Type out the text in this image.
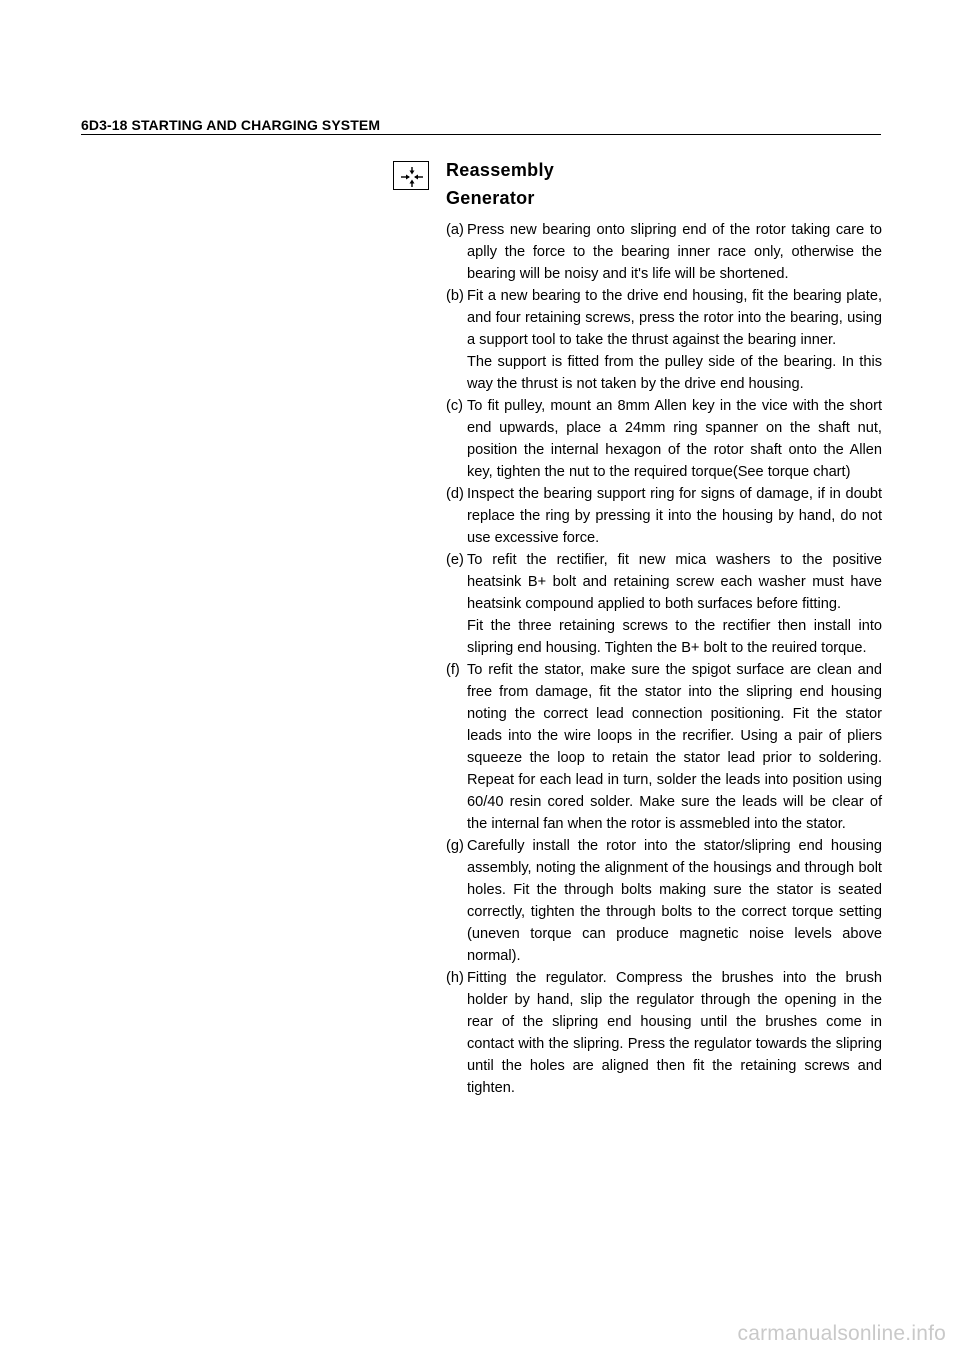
6D3-18 STARTING AND CHARGING SYSTEM
Reassembly
Generator
(a) Press new bearing onto slipring end of the rotor taking care to aplly the force to the bearing inner race only, otherwise the bearing will be noisy and it's life will be shortened.
(b) Fit a new bearing to the drive end housing, fit the bearing plate, and four retaining screws, press the rotor into the bearing, using a support tool to take the thrust against the bearing inner.
The support is fitted from the pulley side of the bearing. In this way the thrust is not taken by the drive end housing.
(c) To fit pulley, mount an 8mm Allen key in the vice with the short end upwards, place a 24mm ring spanner on the shaft nut, position the internal hexagon of the rotor shaft onto the Allen key, tighten the nut to the required torque(See torque chart)
(d) Inspect the bearing support ring for signs of damage, if in doubt replace the ring by pressing it into the housing by hand, do not use excessive force.
(e) To refit the rectifier, fit new mica washers to the positive heatsink B+ bolt and retaining screw each washer must have heatsink compound applied to both surfaces before fitting.
Fit the three retaining screws to the rectifier then install into slipring end housing. Tighten the B+ bolt to the reuired torque.
(f) To refit the stator, make sure the spigot surface are clean and free from damage, fit the stator into the slipring end housing noting the correct lead connection positioning. Fit the stator leads into the wire loops in the recrifier. Using a pair of pliers squeeze the loop to retain the stator lead prior to soldering. Repeat for each lead in turn, solder the leads into position using 60/40 resin cored solder. Make sure the leads will be clear of the internal fan when the rotor is assmebled into the stator.
(g) Carefully install the rotor into the stator/slipring end housing assembly, noting the alignment of the housings and through bolt holes. Fit the through bolts making sure the stator is seated correctly, tighten the through bolts to the correct torque setting (uneven torque can produce magnetic noise levels above normal).
(h) Fitting the regulator. Compress the brushes into the brush holder by hand, slip the regulator through the opening in the rear of the slipring end housing until the brushes come in contact with the slipring. Press the regulator towards the slipring until the holes are aligned then fit the retaining screws and tighten.
carmanualsonline.info
